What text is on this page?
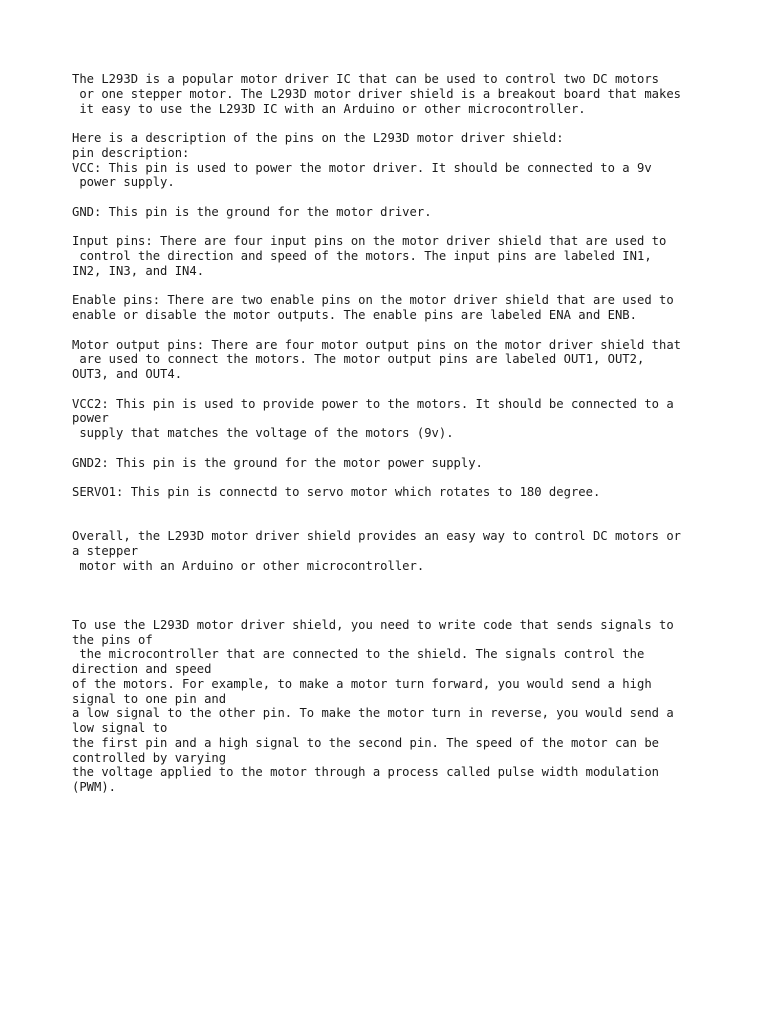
The L293D is a popular motor driver IC that can be used to control two DC motors
or one stepper motor. The L293D motor driver shield is a breakout board that makes
it easy to use the L293D IC with an Arduino or other microcontroller.
Here is a description of the pins on the L293D motor driver shield:
pin description:
VCC: This pin is used to power the motor driver. It should be connected to a 9v
power supply.
GND: This pin is the ground for the motor driver.
Input pins: There are four input pins on the motor driver shield that are used to
control the direction and speed of the motors. The input pins are labeled IN1,
IN2, IN3, and IN4.
Enable pins: There are two enable pins on the motor driver shield that are used to
enable or disable the motor outputs. The enable pins are labeled ENA and ENB.
Motor output pins: There are four motor output pins on the motor driver shield that
are used to connect the motors. The motor output pins are labeled OUT1, OUT2,
OUT3, and OUT4.
VCC2: This pin is used to provide power to the motors. It should be connected to a
power
supply that matches the voltage of the motors (9v).
GND2: This pin is the ground for the motor power supply.
SERVO1: This pin is connectd to servo motor which rotates to 180 degree.
Overall, the L293D motor driver shield provides an easy way to control DC motors or
a stepper
motor with an Arduino or other microcontroller.
To use the L293D motor driver shield, you need to write code that sends signals to
the pins of
the microcontroller that are connected to the shield. The signals control the
direction and speed
of the motors. For example, to make a motor turn forward, you would send a high
signal to one pin and
a low signal to the other pin. To make the motor turn in reverse, you would send a
low signal to
the first pin and a high signal to the second pin. The speed of the motor can be
controlled by varying
the voltage applied to the motor through a process called pulse width modulation
(PWM).
